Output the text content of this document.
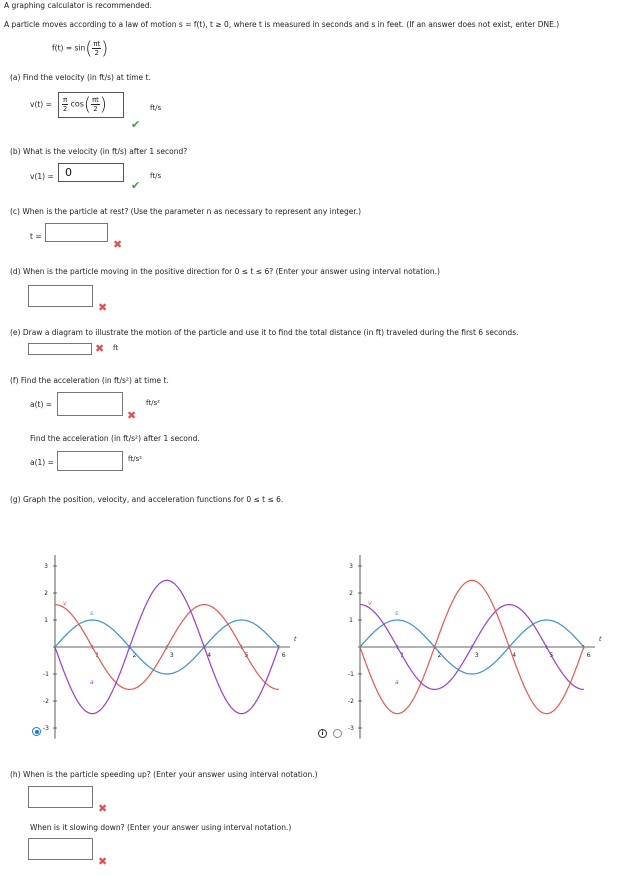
A graphing calculator is recommended.
A particle moves according to a law of motion s = f(t), t ≥ 0, where t is measured in seconds and s in feet. (If an answer does not exist, enter DNE.)
$f(t) = \sin( \frac{\pi t}{2}$ )
(a) Find the velocity (in ft/s) at time t.
$v(t) = \frac{\pi}{2} \cos( \frac{\pi t}{2}$ )	ft/s
✔
(b) What is the velocity (in ft/s) after 1 second?
v(1) = 0	ft/s
✔
(c) When is the particle at rest? (Use the parameter n as necessary to represent any integer.)
t =
✖
(d) When is the particle moving in the positive direction for 0 ≤ t ≤ 6? (Enter your answer using interval notation.)
✖
(e) Draw a diagram to illustrate the motion of the particle and use it to find the total distance (in ft) traveled during the first 6 seconds.
✖ ft
(f) Find the acceleration (in ft/s²) at time t.
a(t) =	ft/s²
✖
Find the acceleration (in ft/s²) after 1 second.
a(1) =	ft/s²
(g) Graph the position, velocity, and acceleration functions for 0 ≤ t ≤ 6.
1	2	3	4	5	6
3
2
1
-1
-2
-3
t
v
s
a
1	2	3	4	5	6
3
2
1
-1
-2
-3
t
v
s
a
i
(h) When is the particle speeding up? (Enter your answer using interval notation.)
✖
When is it slowing down? (Enter your answer using interval notation.)
✖
